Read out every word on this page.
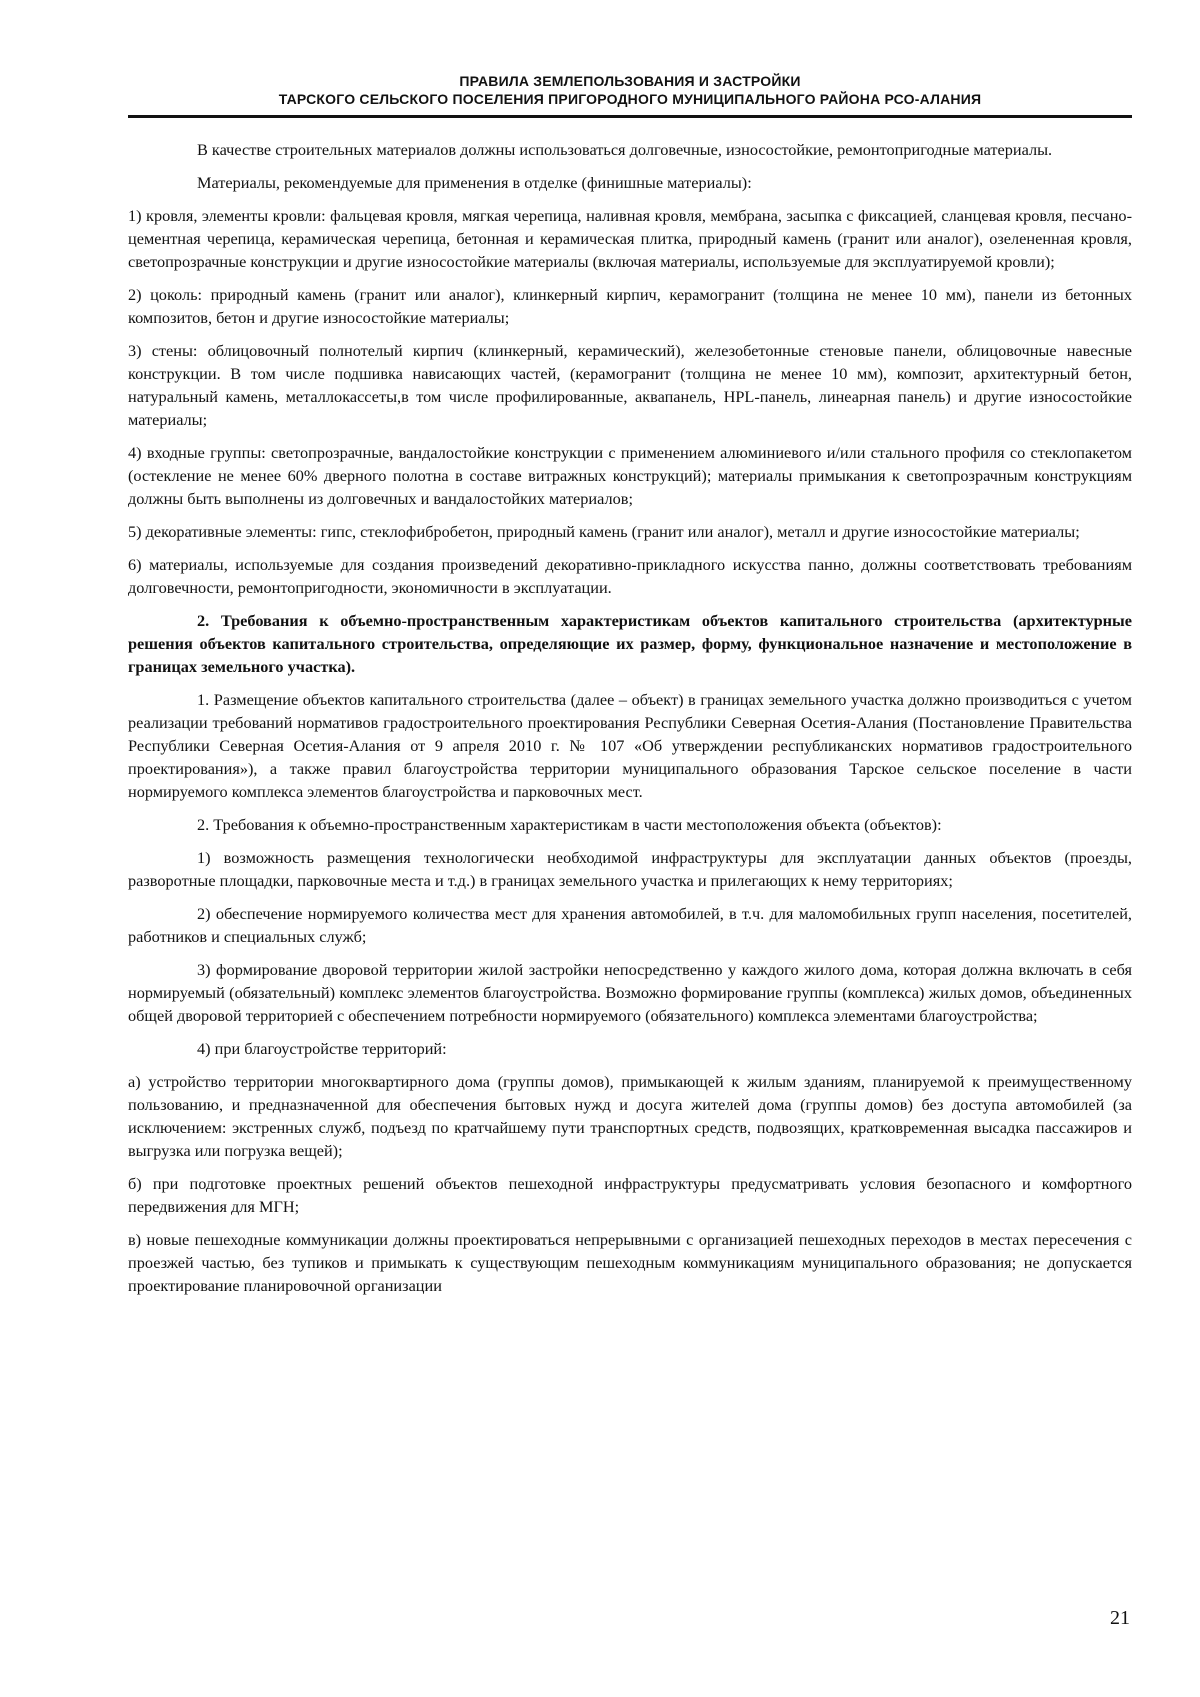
ПРАВИЛА ЗЕМЛЕПОЛЬЗОВАНИЯ И ЗАСТРОЙКИ
ТАРСКОГО СЕЛЬСКОГО ПОСЕЛЕНИЯ ПРИГОРОДНОГО МУНИЦИПАЛЬНОГО РАЙОНА РСО-АЛАНИЯ

В качестве строительных материалов должны использоваться долговечные, износостойкие, ремонтопригодные материалы.

Материалы, рекомендуемые для применения в отделке (финишные материалы):

1) кровля, элементы кровли: фальцевая кровля, мягкая черепица, наливная кровля, мембрана, засыпка с фиксацией, сланцевая кровля, песчано-цементная черепица, керамическая черепица, бетонная и керамическая плитка, природный камень (гранит или аналог), озелененная кровля, светопрозрачные конструкции и другие износостойкие материалы (включая материалы, используемые для эксплуатируемой кровли);

2) цоколь: природный камень (гранит или аналог), клинкерный кирпич, керамогранит (толщина не менее 10 мм), панели из бетонных композитов, бетон и другие износостойкие материалы;

3) стены: облицовочный полнотелый кирпич (клинкерный, керамический), железобетонные стеновые панели, облицовочные навесные конструкции. В том числе подшивка нависающих частей, (керамогранит (толщина не менее 10 мм), композит, архитектурный бетон, натуральный камень, металлокассеты,в том числе профилированные, аквапанель, HPL-панель, линеарная панель) и другие износостойкие материалы;

4) входные группы: светопрозрачные, вандалостойкие конструкции с применением алюминиевого и/или стального профиля со стеклопакетом (остекление не менее 60% дверного полотна в составе витражных конструкций); материалы примыкания к светопрозрачным конструкциям должны быть выполнены из долговечных и вандалостойких материалов;

5) декоративные элементы: гипс, стеклофибробетон, природный камень (гранит или аналог), металл и другие износостойкие материалы;

6) материалы, используемые для создания произведений декоративно-прикладного искусства панно, должны соответствовать требованиям долговечности, ремонтопригодности, экономичности в эксплуатации.

2. Требования к объемно-пространственным характеристикам объектов капитального строительства (архитектурные решения объектов капитального строительства, определяющие их размер, форму, функциональное назначение и местоположение в границах земельного участка).

1. Размещение объектов капитального строительства (далее – объект) в границах земельного участка должно производиться с учетом реализации требований нормативов градостроительного проектирования Республики Северная Осетия-Алания (Постановление Правительства Республики Северная Осетия-Алания от 9 апреля 2010 г. № 107 «Об утверждении республиканских нормативов градостроительного проектирования»), а также правил благоустройства территории муниципального образования Тарское сельское поселение в части нормируемого комплекса элементов благоустройства и парковочных мест.

2. Требования к объемно-пространственным характеристикам в части местоположения объекта (объектов):

1) возможность размещения технологически необходимой инфраструктуры для эксплуатации данных объектов (проезды, разворотные площадки, парковочные места и т.д.) в границах земельного участка и прилегающих к нему территориях;

2) обеспечение нормируемого количества мест для хранения автомобилей, в т.ч. для маломобильных групп населения, посетителей, работников и специальных служб;

3) формирование дворовой территории жилой застройки непосредственно у каждого жилого дома, которая должна включать в себя нормируемый (обязательный) комплекс элементов благоустройства. Возможно формирование группы (комплекса) жилых домов, объединенных общей дворовой территорией с обеспечением потребности нормируемого (обязательного) комплекса элементами благоустройства;

4) при благоустройстве территорий:

а) устройство территории многоквартирного дома (группы домов), примыкающей к жилым зданиям, планируемой к преимущественному пользованию, и предназначенной для обеспечения бытовых нужд и досуга жителей дома (группы домов) без доступа автомобилей (за исключением: экстренных служб, подъезд по кратчайшему пути транспортных средств, подвозящих, кратковременная высадка пассажиров и выгрузка или погрузка вещей);

б) при подготовке проектных решений объектов пешеходной инфраструктуры предусматривать условия безопасного и комфортного передвижения для МГН;

в) новые пешеходные коммуникации должны проектироваться непрерывными с организацией пешеходных переходов в местах пересечения с проезжей частью, без тупиков и примыкать к существующим пешеходным коммуникациям муниципального образования; не допускается проектирование планировочной организации

21
